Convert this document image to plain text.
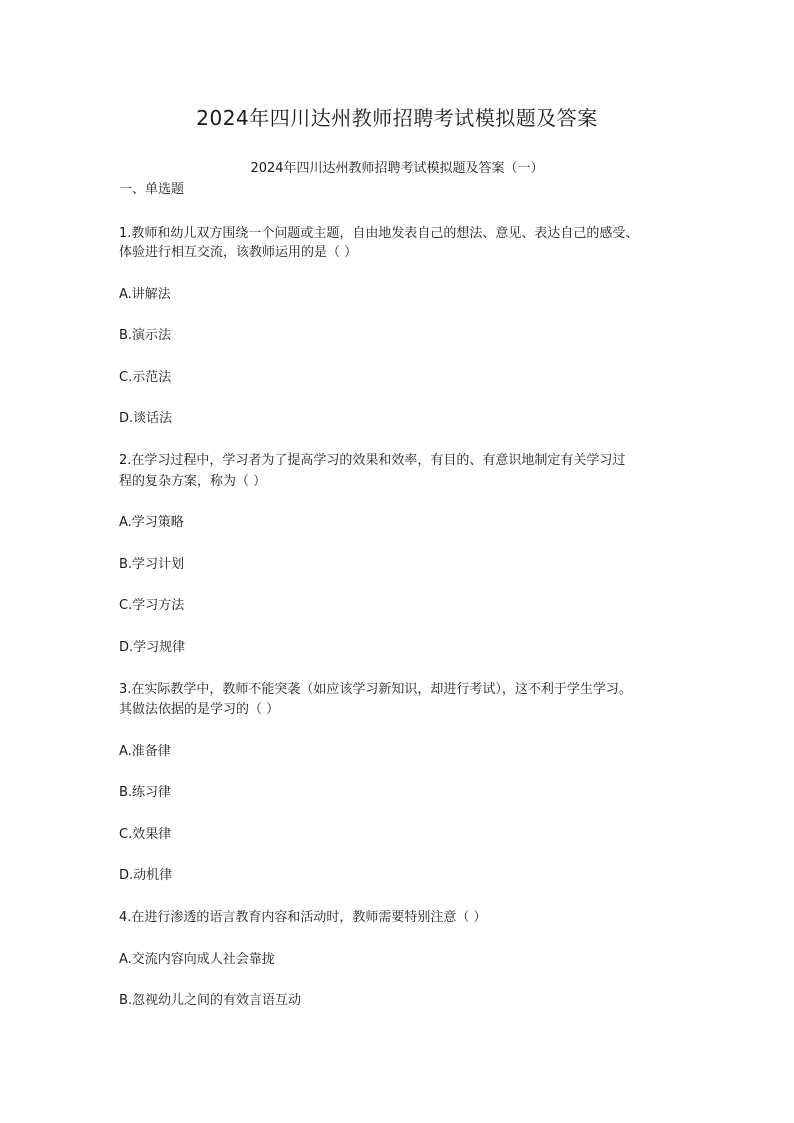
2024年四川达州教师招聘考试模拟题及答案
2024年四川达州教师招聘考试模拟题及答案（一）
一、单选题
1.教师和幼儿双方围绕一个问题或主题，自由地发表自己的想法、意见、表达自己的感受、
体验进行相互交流，该教师运用的是（ ）
A.讲解法
B.演示法
C.示范法
D.谈话法
2.在学习过程中，学习者为了提高学习的效果和效率，有目的、有意识地制定有关学习过
程的复杂方案，称为（ ）
A.学习策略
B.学习计划
C.学习方法
D.学习规律
3.在实际教学中，教师不能突袭（如应该学习新知识，却进行考试），这不利于学生学习。
其做法依据的是学习的（ ）
A.准备律
B.练习律
C.效果律
D.动机律
4.在进行渗透的语言教育内容和活动时，教师需要特别注意（ ）
A.交流内容向成人社会靠拢
B.忽视幼儿之间的有效言语互动
